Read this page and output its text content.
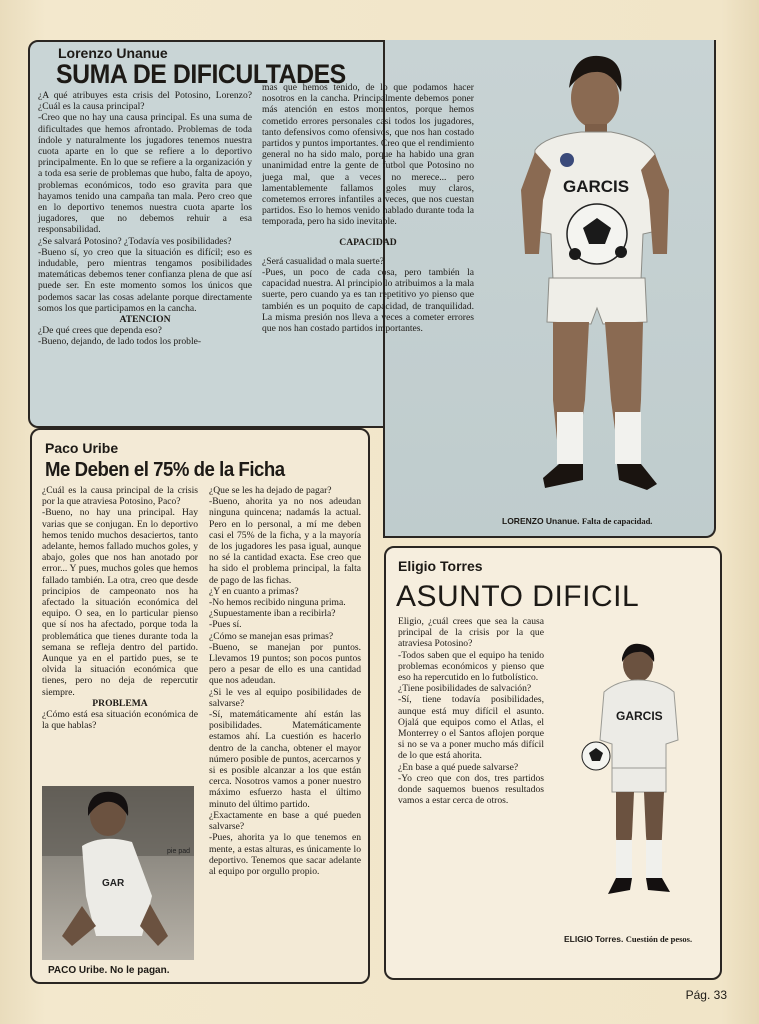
GARCIS
Lorenzo Unanue
SUMA DE DIFICULTADES

¿A qué atribuyes esta crisis del Potosino, Lorenzo? ¿Cuál es la causa principal?

-Creo que no hay una causa principal. Es una suma de dificultades que hemos afrontado. Problemas de toda índole y naturalmente los jugadores tenemos nuestra cuota aparte en lo que se refiere a lo deportivo principalmente. En lo que se refiere a la organización y a toda esa serie de problemas que hubo, falta de apoyo, problemas económicos, todo eso gravita para que hayamos tenido una campaña tan mala. Pero creo que en lo deportivo tenemos nuestra cuota aparte los jugadores, que no debemos rehuir a esa responsabilidad.

¿Se salvará Potosino? ¿Todavía ves posibilidades?

-Bueno sí, yo creo que la situación es difícil; eso es indudable, pero mientras tengamos posibilidades matemáticas debemos tener confianza plena de que así puede ser. En este momento somos los únicos que podemos sacar las cosas adelante porque directamente somos los que participamos en la cancha.

ATENCION

¿De qué crees que dependa eso?

-Bueno, dejando, de lado todos los proble-

mas que hemos tenido, de lo que podamos hacer nosotros en la cancha. Principalmente debemos poner más atención en estos momentos, porque hemos cometido errores personales casi todos los jugadores, tanto defensivos como ofensivos, que nos han costado partidos y puntos importantes. Creo que el rendimiento general no ha sido malo, porque ha habido una gran unanimidad entre la gente de futbol que Potosino no juega mal, que a veces no merece... pero lamentablemente fallamos goles muy claros, cometemos errores infantiles a veces, que nos cuestan partidos. Eso lo hemos venido hablado durante toda la temporada, pero ha sido inevitable.

CAPACIDAD

¿Será casualidad o mala suerte?

-Pues, un poco de cada cosa, pero también la capacidad nuestra. Al principio lo atribuimos a la mala suerte, pero cuando ya es tan repetitivo yo pienso que también es un poquito de capacidad, de tranquilidad. La misma presión nos lleva a veces a cometer errores que nos han costado partidos importantes.

LORENZO Unanue. Falta de capacidad.
Paco Uribe
Me Deben el 75% de la Ficha

¿Cuál es la causa principal de la crisis por la que atraviesa Potosino, Paco?

-Bueno, no hay una principal. Hay varias que se conjugan. En lo deportivo hemos tenido muchos desaciertos, tanto adelante, hemos fallado muchos goles, y abajo, goles que nos han anotado por error... Y pues, muchos goles que hemos fallado también. La otra, creo que desde principios de campeonato nos ha afectado la situación económica del equipo. O sea, en lo particular pienso que sí nos ha afectado, porque toda la problemática que tienes durante toda la semana se refleja dentro del partido. Aunque ya en el partido pues, se te olvida la situación económica que tienes, pero no deja de repercutir siempre.

PROBLEMA

¿Cómo está esa situación económica de la que hablas?

GAR
pie pad
PACO Uribe. No le pagan.

¿Que se les ha dejado de pagar?

-Bueno, ahorita ya no nos adeudan ninguna quincena; nadamás la actual. Pero en lo personal, a mí me deben casi el 75% de la ficha, y a la mayoría de los jugadores les pasa igual, aunque no sé la cantidad exacta. Ese creo que ha sido el problema principal, la falta de pago de las fichas.

¿Y en cuanto a primas?

-No hemos recibido ninguna prima.

¿Supuestamente iban a recibirla?

-Pues sí.

¿Cómo se manejan esas primas?

-Bueno, se manejan por puntos. Llevamos 19 puntos; son pocos puntos pero a pesar de ello es una cantidad que nos adeudan.

¿Si le ves al equipo posibilidades de salvarse?

-Sí, matemáticamente ahí están las posibilidades. Matemáticamente estamos ahí. La cuestión es hacerlo dentro de la cancha, obtener el mayor número posible de puntos, acercarnos y si es posible alcanzar a los que están cerca. Nosotros vamos a poner nuestro máximo esfuerzo hasta el último minuto del último partido.

¿Exactamente en base a qué pueden salvarse?

-Pues, ahorita ya lo que tenemos en mente, a estas alturas, es únicamente lo deportivo. Tenemos que sacar adelante al equipo por orgullo propio.

Eligio Torres
ASUNTO DIFICIL

Eligio, ¿cuál crees que sea la causa principal de la crisis por la que atraviesa Potosino?

-Todos saben que el equipo ha tenido problemas económicos y pienso que eso ha repercutido en lo futbolístico.

¿Tiene posibilidades de salvación?

-Sí, tiene todavía posibilidades, aunque está muy difícil el asunto. Ojalá que equipos como el Atlas, el Monterrey o el Santos aflojen porque si no se va a poner mucho más difícil de lo que está ahorita.

¿En base a qué puede salvarse?

-Yo creo que con dos, tres partidos donde saquemos buenos resultados vamos a estar cerca de otros.

GARCIS
ELIGIO Torres. Cuestión de pesos.
Pág. 33
